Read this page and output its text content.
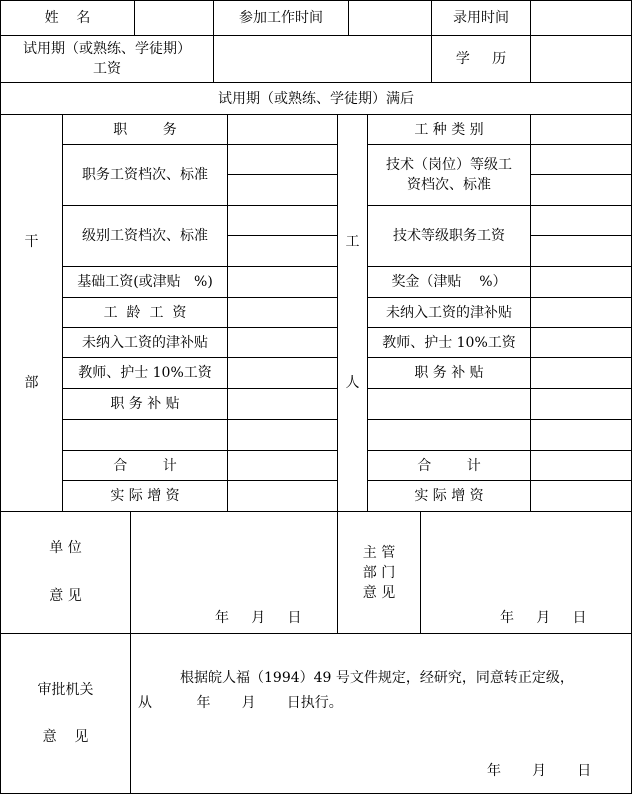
姓    名	参加工作时间	录用时间
试用期（或熟练、学徒期）
工资
学     历
试用期（或熟练、学徒期）满后
干
部
职        务
职务工资档次、标准
级别工资档次、标准
基础工资(或津贴   %)
工  龄  工  资
未纳入工资的津补贴
教师、护士 10%工资
职 务 补 贴
合        计
实 际 增 资
工
人
工 种 类 别
技术（岗位）等级工
资档次、标准
技术等级职务工资
奖金（津贴    %）
未纳入工资的津补贴
教师、护士 10%工资
职 务 补 贴
合        计
实 际 增 资
单 位
意 见
年     月     日
主 管
部 门
意 见
年     月     日
审批机关
意    见
根据皖人福（1994）49 号文件规定，经研究，同意转正定级，
从          年       月       日执行。
年       月       日
